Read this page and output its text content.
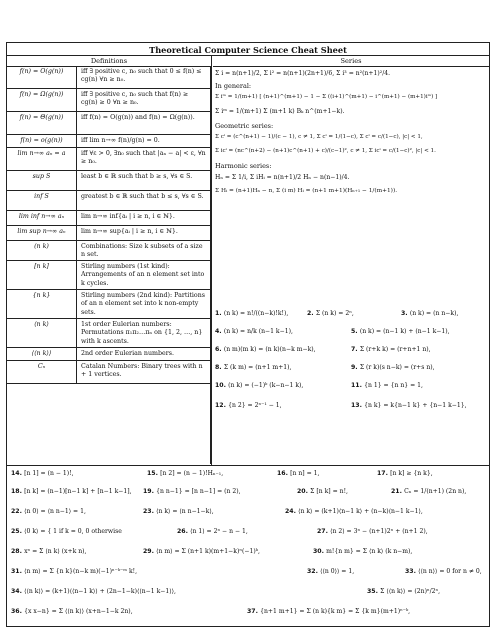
Theoretical Computer Science Cheat Sheet
Definitions	Series
f(n) = O(g(n))	iff ∃ positive c, n₀ such that 0 ≤ f(n) ≤ cg(n) ∀n ≥ n₀.
f(n) = Ω(g(n))	iff ∃ positive c, n₀ such that f(n) ≥ cg(n) ≥ 0 ∀n ≥ n₀.
f(n) = Θ(g(n))	iff f(n) = O(g(n)) and f(n) = Ω(g(n)).
f(n) = o(g(n))	iff lim n→∞ f(n)/g(n) = 0.
lim n→∞ aₙ = a	iff ∀ε > 0, ∃n₀ such that |aₙ − a| < ε, ∀n ≥ n₀.
sup S	least b ∈ ℝ such that b ≥ s, ∀s ∈ S.
inf S	greatest b ∈ ℝ such that b ≤ s, ∀s ∈ S.
lim inf n→∞ aₙ	lim n→∞ inf{aᵢ | i ≥ n, i ∈ ℕ}.
lim sup n→∞ aₙ	lim n→∞ sup{aᵢ | i ≥ n, i ∈ ℕ}.
(n k)	Combinations: Size k subsets of a size n set.
[n k]	Stirling numbers (1st kind): Arrangements of an n element set into k cycles.
{n k}	Stirling numbers (2nd kind): Partitions of an n element set into k non-empty sets.
⟨n k⟩	1st order Eulerian numbers: Permutations π₁π₂…πₙ on {1, 2, …, n} with k ascents.
⟨⟨n k⟩⟩	2nd order Eulerian numbers.
Cₙ	Catalan Numbers: Binary trees with n + 1 vertices.
Σ i = n(n+1)/2, Σ i² = n(n+1)(2n+1)/6, Σ i³ = n²(n+1)²/4.
In general:
Σ iᵐ = 1/(m+1) [ (n+1)^(m+1) − 1 − Σ ((i+1)^(m+1) − i^(m+1) − (m+1)iᵐ) ]
Σ iᵐ = 1/(m+1) Σ (m+1 k) Bₖ n^(m+1−k).
Geometric series:
Σ cⁱ = (c^(n+1) − 1)/(c − 1), c ≠ 1, Σ cⁱ = 1/(1−c), Σ cⁱ = c/(1−c), |c| < 1,
Σ icⁱ = (nc^(n+2) − (n+1)c^(n+1) + c)/(c−1)², c ≠ 1, Σ icⁱ = c/(1−c)², |c| < 1.
Harmonic series:
Hₙ = Σ 1/i, Σ iHᵢ = n(n+1)/2 Hₙ − n(n−1)/4.
Σ Hᵢ = (n+1)Hₙ − n, Σ (i m) Hᵢ = (n+1 m+1)(Hₙ₊₁ − 1/(m+1)).
1. (n k) = n!/((n−k)!k!),	2. Σ (n k) = 2ⁿ,	3. (n k) = (n n−k),
4. (n k) = n/k (n−1 k−1),	5. (n k) = (n−1 k) + (n−1 k−1),
6. (n m)(m k) = (n k)(n−k m−k),	7. Σ (r+k k) = (r+n+1 n),
8. Σ (k m) = (n+1 m+1),	9. Σ (r k)(s n−k) = (r+s n),
10. (n k) = (−1)ᵏ (k−n−1 k),	11. {n 1} = {n n} = 1,
12. {n 2} = 2ⁿ⁻¹ − 1,	13. {n k} = k{n−1 k} + {n−1 k−1},
14. [n 1] = (n − 1)!,	15. [n 2] = (n − 1)!Hₙ₋₁,	16. [n n] = 1,	17. [n k] ≥ {n k},
18. [n k] = (n−1)[n−1 k] + [n−1 k−1], 19. {n n−1} = [n n−1] = (n 2),	20. Σ [n k] = n!,	21. Cₙ = 1/(n+1) (2n n),
22. ⟨n 0⟩ = ⟨n n−1⟩ = 1,	23. ⟨n k⟩ = ⟨n n−1−k⟩,	24. ⟨n k⟩ = (k+1)⟨n−1 k⟩ + (n−k)⟨n−1 k−1⟩,
25. ⟨0 k⟩ = { 1 if k = 0, 0 otherwise	26. ⟨n 1⟩ = 2ⁿ − n − 1,	27. ⟨n 2⟩ = 3ⁿ − (n+1)2ⁿ + (n+1 2),
28. xⁿ = Σ ⟨n k⟩ (x+k n),	29. ⟨n m⟩ = Σ (n+1 k)(m+1−k)ⁿ(−1)ᵏ,	30. m!{n m} = Σ ⟨n k⟩ (k n−m),
31. ⟨n m⟩ = Σ {n k}(n−k m)(−1)ⁿ⁻ᵏ⁻ᵐ k!,	32. ⟨⟨n 0⟩⟩ = 1,	33. ⟨⟨n n⟩⟩ = 0 for n ≠ 0,
34. ⟨⟨n k⟩⟩ = (k+1)⟨⟨n−1 k⟩⟩ + (2n−1−k)⟨⟨n−1 k−1⟩⟩,	35. Σ ⟨⟨n k⟩⟩ = (2n)ⁿ/2ⁿ,
36. {x x−n} = Σ ⟨⟨n k⟩⟩ (x+n−1−k 2n),	37. {n+1 m+1} = Σ (n k){k m} = Σ {k m}(m+1)ⁿ⁻ᵏ,
